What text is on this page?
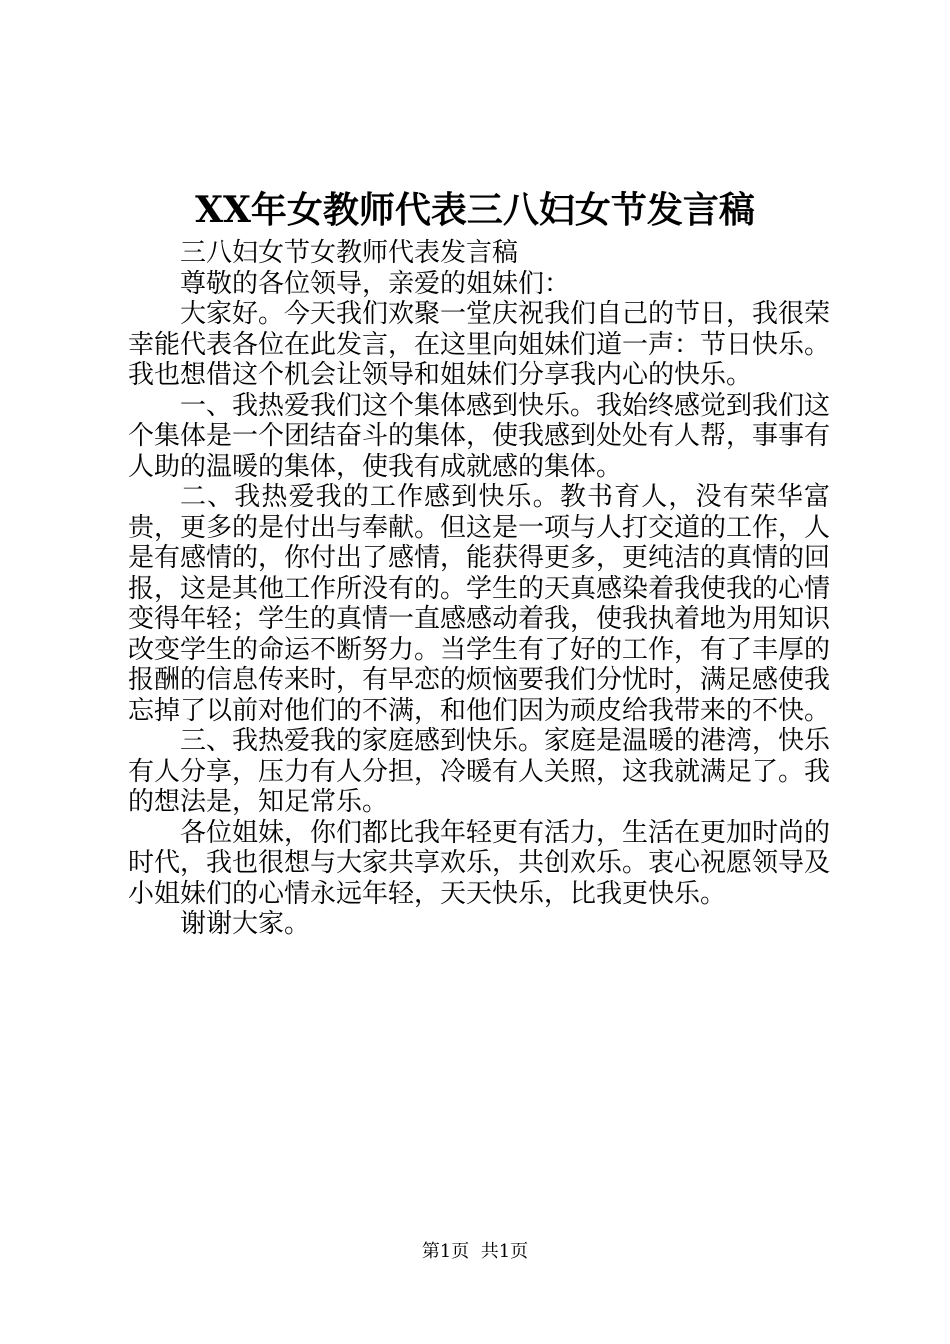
XX年女教师代表三八妇女节发言稿

三八妇女节女教师代表发言稿

尊敬的各位领导，亲爱的姐妹们：

大家好。今天我们欢聚一堂庆祝我们自己的节日，我很荣幸能代表各位在此发言，在这里向姐妹们道一声：节日快乐。我也想借这个机会让领导和姐妹们分享我内心的快乐。

一、我热爱我们这个集体感到快乐。我始终感觉到我们这个集体是一个团结奋斗的集体，使我感到处处有人帮，事事有人助的温暖的集体，使我有成就感的集体。

二、我热爱我的工作感到快乐。教书育人，没有荣华富贵，更多的是付出与奉献。但这是一项与人打交道的工作，人是有感情的，你付出了感情，能获得更多，更纯洁的真情的回报，这是其他工作所没有的。学生的天真感染着我使我的心情变得年轻；学生的真情一直感感动着我，使我执着地为用知识改变学生的命运不断努力。当学生有了好的工作，有了丰厚的报酬的信息传来时，有早恋的烦恼要我们分忧时，满足感使我忘掉了以前对他们的不满，和他们因为顽皮给我带来的不快。

三、我热爱我的家庭感到快乐。家庭是温暖的港湾，快乐有人分享，压力有人分担，冷暖有人关照，这我就满足了。我的想法是，知足常乐。

各位姐妹，你们都比我年轻更有活力，生活在更加时尚的时代，我也很想与大家共享欢乐，共创欢乐。衷心祝愿领导及小姐妹们的心情永远年轻，天天快乐，比我更快乐。

谢谢大家。

第1页 共1页
